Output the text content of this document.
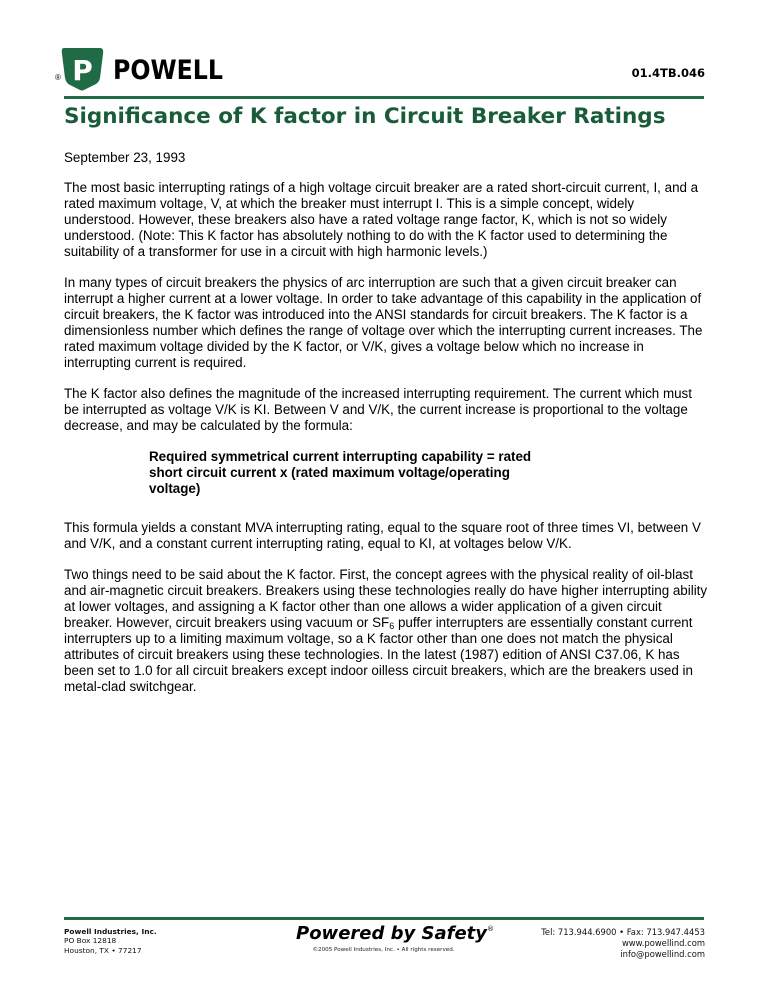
® P POWELL	01.4TB.046
Significance of K factor in Circuit Breaker Ratings

September 23, 1993

The most basic interrupting ratings of a high voltage circuit breaker are a rated short-circuit current, I, and a rated maximum voltage, V, at which the breaker must interrupt I. This is a simple concept, widely understood. However, these breakers also have a rated voltage range factor, K, which is not so widely understood. (Note: This K factor has absolutely nothing to do with the K factor used to determining the suitability of a transformer for use in a circuit with high harmonic levels.)

In many types of circuit breakers the physics of arc interruption are such that a given circuit breaker can interrupt a higher current at a lower voltage. In order to take advantage of this capability in the application of circuit breakers, the K factor was introduced into the ANSI standards for circuit breakers. The K factor is a dimensionless number which defines the range of voltage over which the interrupting current increases. The rated maximum voltage divided by the K factor, or V/K, gives a voltage below which no increase in interrupting current is required.

The K factor also defines the magnitude of the increased interrupting requirement. The current which must be interrupted as voltage V/K is KI. Between V and V/K, the current increase is proportional to the voltage decrease, and may be calculated by the formula:

Required symmetrical current interrupting capability = rated short circuit current x (rated maximum voltage/operating voltage)

This formula yields a constant MVA interrupting rating, equal to the square root of three times VI, between V and V/K, and a constant current interrupting rating, equal to KI, at voltages below V/K.

Two things need to be said about the K factor. First, the concept agrees with the physical reality of oil-blast and air-magnetic circuit breakers. Breakers using these technologies really do have higher interrupting ability at lower voltages, and assigning a K factor other than one allows a wider application of a given circuit breaker. However, circuit breakers using vacuum or $SF_6$ puffer interrupters are essentially constant current interrupters up to a limiting maximum voltage, so a K factor other than one does not match the physical attributes of circuit breakers using these technologies. In the latest (1987) edition of ANSI C37.06, K has been set to 1.0 for all circuit breakers except indoor oilless circuit breakers, which are the breakers used in metal-clad switchgear.

Powell Industries, Inc.
PO Box 12818
Houston, TX • 77217
Powered by Safety®
©2005 Powell Industries, Inc. • All rights reserved.
Tel: 713.944.6900 • Fax: 713.947.4453
www.powellind.com
info@powellind.com
